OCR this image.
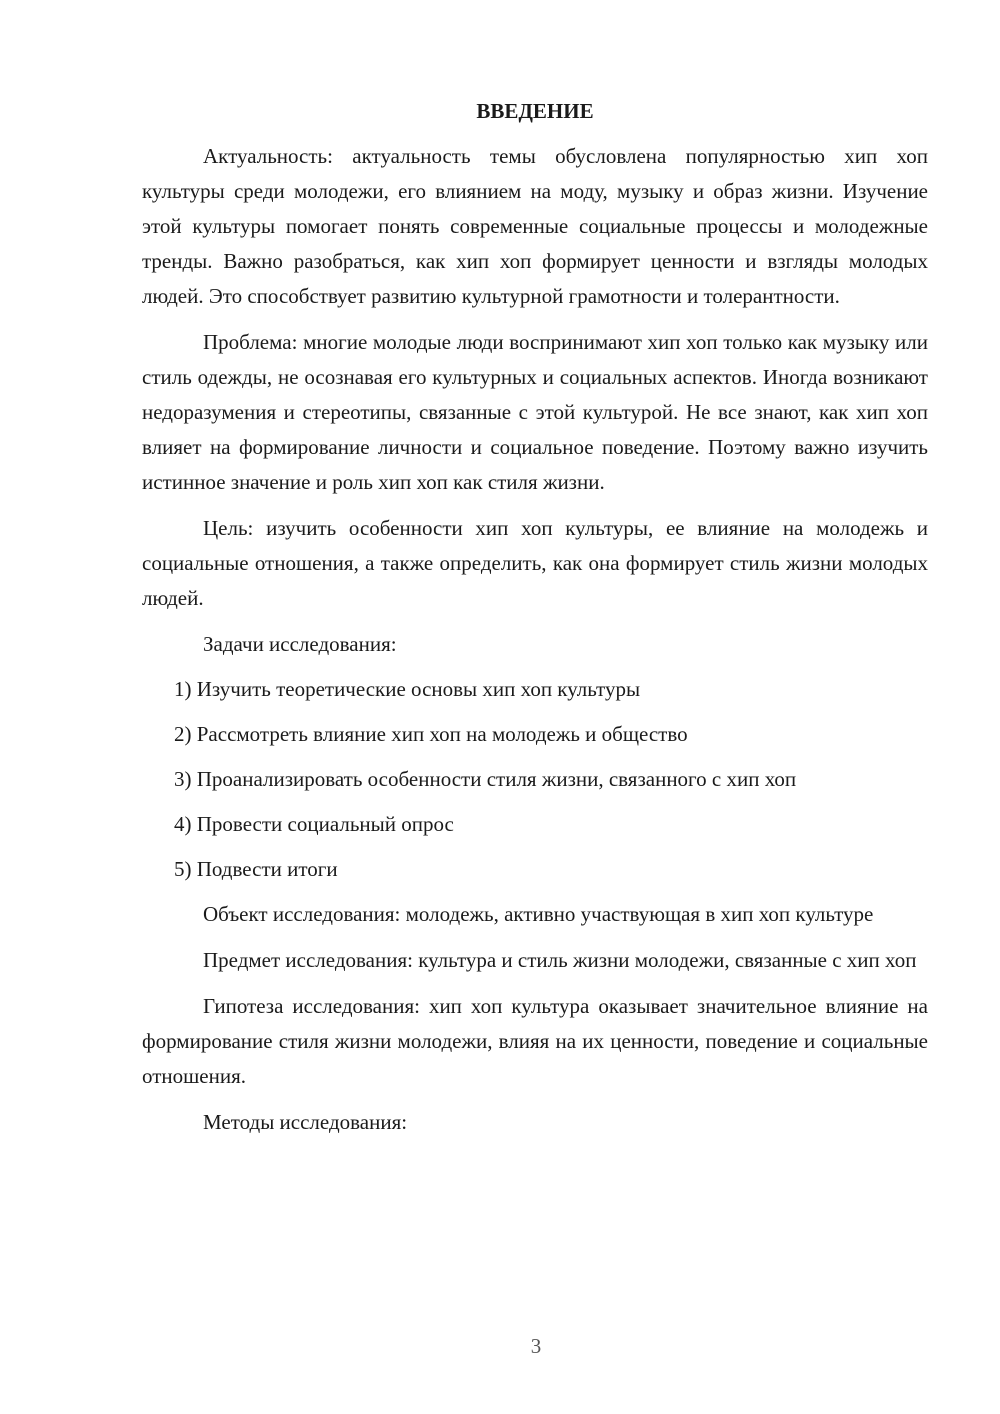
ВВЕДЕНИЕ

Актуальность: актуальность темы обусловлена популярностью хип хоп культуры среди молодежи, его влиянием на моду, музыку и образ жизни. Изучение этой культуры помогает понять современные социальные процессы и молодежные тренды. Важно разобраться, как хип хоп формирует ценности и взгляды молодых людей. Это способствует развитию культурной грамотности и толерантности.

Проблема: многие молодые люди воспринимают хип хоп только как музыку или стиль одежды, не осознавая его культурных и социальных аспектов. Иногда возникают недоразумения и стереотипы, связанные с этой культурой. Не все знают, как хип хоп влияет на формирование личности и социальное поведение. Поэтому важно изучить истинное значение и роль хип хоп как стиля жизни.

Цель: изучить особенности хип хоп культуры, ее влияние на молодежь и социальные отношения, а также определить, как она формирует стиль жизни молодых людей.

Задачи исследования:

1) Изучить теоретические основы хип хоп культуры
2) Рассмотреть влияние хип хоп на молодежь и общество
3) Проанализировать особенности стиля жизни, связанного с хип хоп
4) Провести социальный опрос
5) Подвести итоги

Объект исследования: молодежь, активно участвующая в хип хоп культуре

Предмет исследования: культура и стиль жизни молодежи, связанные с хип хоп

Гипотеза исследования: хип хоп культура оказывает значительное влияние на формирование стиля жизни молодежи, влияя на их ценности, поведение и социальные отношения.

Методы исследования:

3
